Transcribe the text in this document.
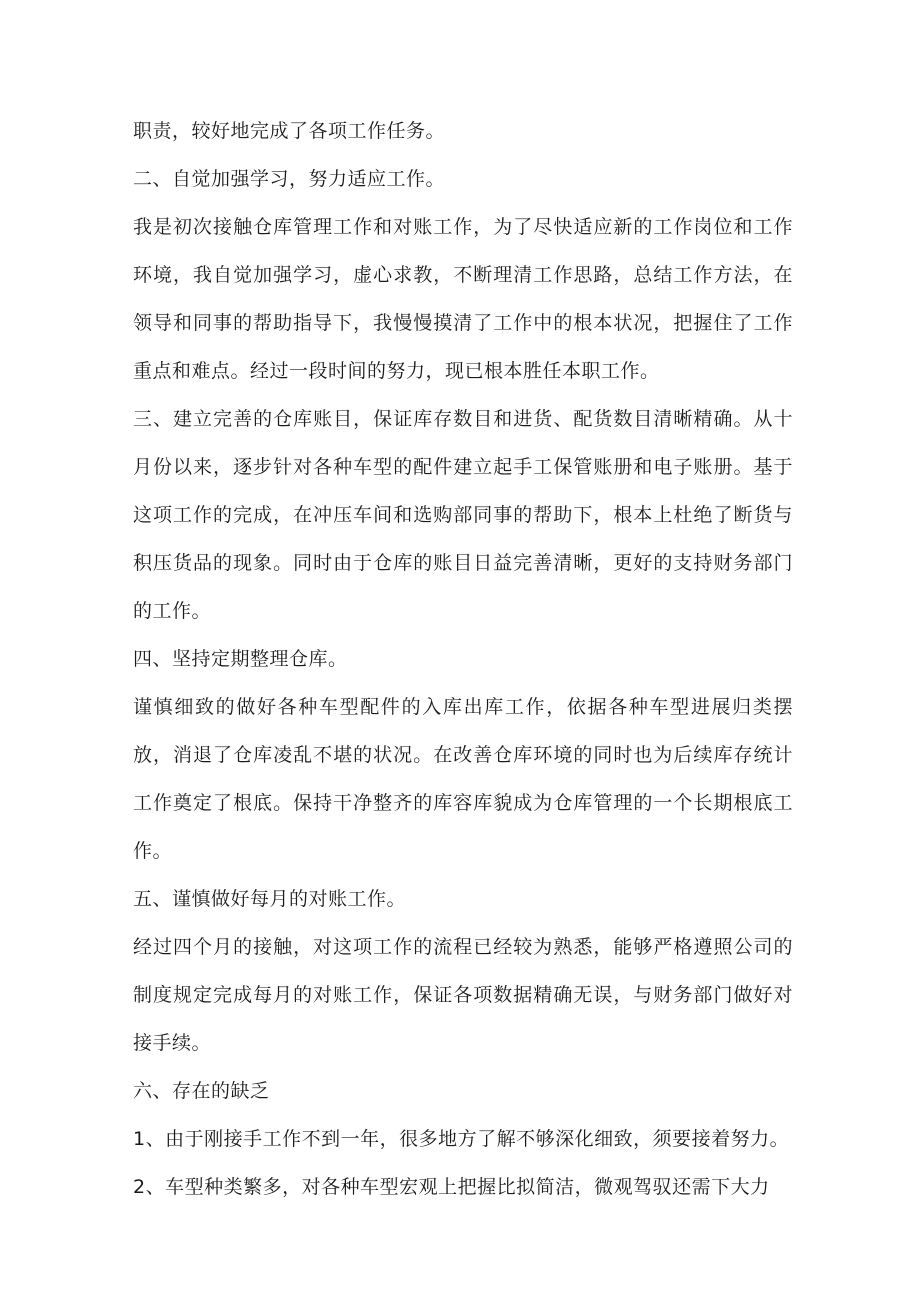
职责，较好地完成了各项工作任务。

二、自觉加强学习，努力适应工作。

我是初次接触仓库管理工作和对账工作，为了尽快适应新的工作岗位和工作环境，我自觉加强学习，虚心求教，不断理清工作思路，总结工作方法，在领导和同事的帮助指导下，我慢慢摸清了工作中的根本状况，把握住了工作重点和难点。经过一段时间的努力，现已根本胜任本职工作。

三、建立完善的仓库账目，保证库存数目和进货、配货数目清晰精确。从十月份以来，逐步针对各种车型的配件建立起手工保管账册和电子账册。基于这项工作的完成，在冲压车间和选购部同事的帮助下，根本上杜绝了断货与积压货品的现象。同时由于仓库的账目日益完善清晰，更好的支持财务部门的工作。

四、坚持定期整理仓库。

谨慎细致的做好各种车型配件的入库出库工作，依据各种车型进展归类摆放，消退了仓库凌乱不堪的状况。在改善仓库环境的同时也为后续库存统计工作奠定了根底。保持干净整齐的库容库貌成为仓库管理的一个长期根底工作。

五、谨慎做好每月的对账工作。

经过四个月的接触，对这项工作的流程已经较为熟悉，能够严格遵照公司的制度规定完成每月的对账工作，保证各项数据精确无误，与财务部门做好对接手续。

六、存在的缺乏

1、由于刚接手工作不到一年，很多地方了解不够深化细致，须要接着努力。

2、车型种类繁多，对各种车型宏观上把握比拟简洁，微观驾驭还需下大力
